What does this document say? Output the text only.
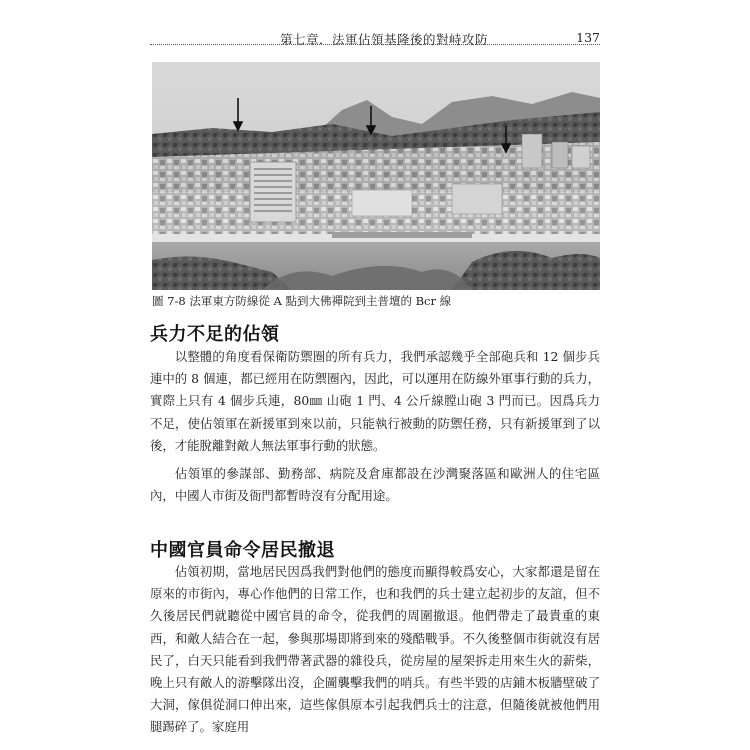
第七章．法軍佔領基隆後的對峙攻防	137
圖 7-8 法軍東方防線從 A 點到大佛禪院到主普壇的 Bcr 線
兵力不足的佔領

以整體的角度看保衛防禦圈的所有兵力，我們承認幾乎全部砲兵和 12 個步兵連中的 8 個連，都已經用在防禦圈內，因此，可以運用在防線外軍事行動的兵力，實際上只有 4 個步兵連，80㎜ 山砲 1 門、4 公斤線膛山砲 3 門而已。因爲兵力不足，使佔領軍在新援軍到來以前，只能執行被動的防禦任務，只有新援軍到了以後，才能脫離對敵人無法軍事行動的狀態。

佔領軍的參謀部、勤務部、病院及倉庫都設在沙灣聚落區和歐洲人的住宅區內，中國人市街及衙門都暫時沒有分配用途。

中國官員命令居民撤退

佔領初期，當地居民因爲我們對他們的態度而顯得較爲安心，大家都還是留在原來的市街內，專心作他們的日常工作，也和我們的兵士建立起初步的友誼，但不久後居民們就聽從中國官員的命令，從我們的周圍撤退。他們帶走了最貴重的東西，和敵人結合在一起，參與那場即將到來的殘酷戰爭。不久後整個市街就沒有居民了，白天只能看到我們帶著武器的雜役兵，從房屋的屋架拆走用來生火的薪柴，晚上只有敵人的游擊隊出沒，企圖襲擊我們的哨兵。有些半毀的店鋪木板牆壁破了大洞，傢俱從洞口伸出來，這些傢俱原本引起我們兵士的注意，但隨後就被他們用腿踢碎了。家庭用
